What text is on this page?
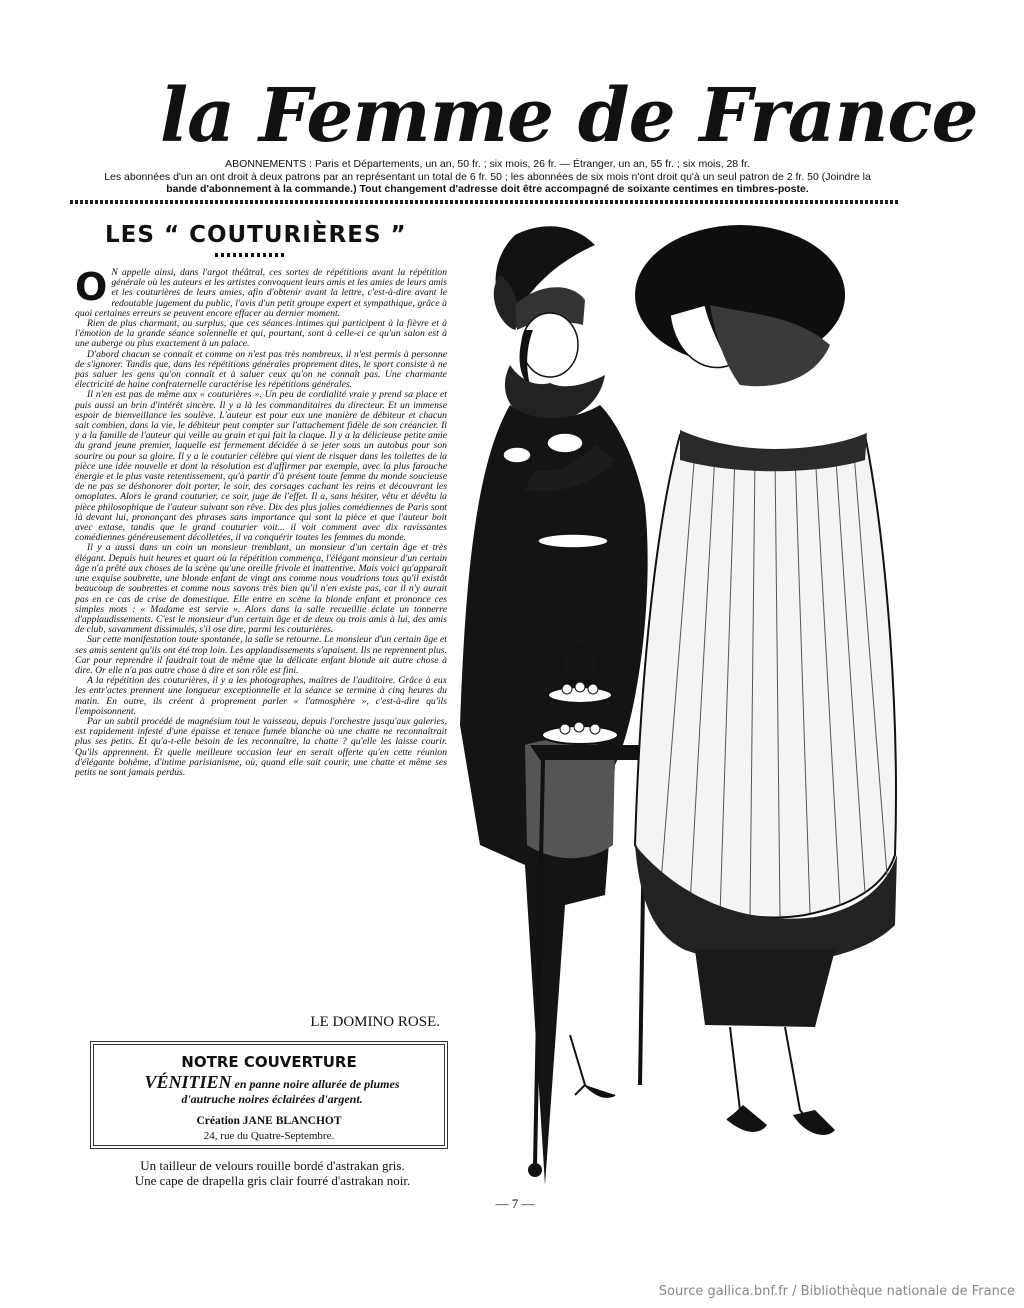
la Femme de France

ABONNEMENTS : Paris et Départements, un an, 50 fr. ; six mois, 26 fr. — Étranger, un an, 55 fr. ; six mois, 28 fr.

Les abonnées d'un an ont droit à deux patrons par an représentant un total de 6 fr. 50 ; les abonnées de six mois n'ont droit qu'à un seul patron de 2 fr. 50 (Joindre la

bande d'abonnement à la commande.) Tout changement d'adresse doit être accompagné de soixante centimes en timbres-poste.

LES “ COUTURIÈRES ”

O N appelle ainsi, dans l'argot théâtral, ces sortes de répétitions avant la répétition générale où les auteurs et les artistes convoquent leurs amis et les amies de leurs amis et les couturières de leurs amies, afin d'obtenir avant la lettre, c'est-à-dire avant le redoutable jugement du public, l'avis d'un petit groupe expert et sympathique, grâce à quoi certaines erreurs se peuvent encore effacer au dernier moment.

Rien de plus charmant, au surplus, que ces séances intimes qui participent à la fièvre et à l'émotion de la grande séance solennelle et qui, pourtant, sont à celle-ci ce qu'un salon est à une auberge ou plus exactement à un palace.

D'abord chacun se connaît et comme on n'est pas très nombreux, il n'est permis à personne de s'ignorer. Tandis que, dans les répétitions générales proprement dites, le sport consiste à ne pas saluer les gens qu'on connaît et à saluer ceux qu'on ne connaît pas. Une charmante électricité de haine confraternelle caractérise les répétitions générales.

Il n'en est pas de même aux « couturières ». Un peu de cordialité vraie y prend sa place et puis aussi un brin d'intérêt sincère. Il y a là les commanditaires du directeur. Et un immense espoir de bienveillance les soulève. L'auteur est pour eux une manière de débiteur et chacun sait combien, dans la vie, le débiteur peut compter sur l'attachement fidèle de son créancier. Il y a la famille de l'auteur qui veille au grain et qui fait la claque. Il y a la délicieuse petite amie du grand jeune premier, laquelle est fermement décidée à se jeter sous un autobus pour son sourire ou pour sa gloire. Il y a le couturier célèbre qui vient de risquer dans les toilettes de la pièce une idée nouvelle et dont la résolution est d'affirmer par exemple, avec la plus farouche énergie et le plus vaste retentissement, qu'à partir d'à présent toute femme du monde soucieuse de ne pas se déshonorer doit porter, le soir, des corsages cachant les reins et découvrant les omoplates. Alors le grand couturier, ce soir, juge de l'effet. Il a, sans hésiter, vêtu et dévêtu la pièce philosophique de l'auteur suivant son rêve. Dix des plus jolies comédiennes de Paris sont là devant lui, prononçant des phrases sans importance qui sont la pièce et que l'auteur boit avec extase, tandis que le grand couturier voit... il voit comment avec dix ravissantes comédiennes généreusement décolletées, il va conquérir toutes les femmes du monde.

Il y a aussi dans un coin un monsieur tremblant, un monsieur d'un certain âge et très élégant. Depuis huit heures et quart où la répétition commença, l'élégant monsieur d'un certain âge n'a prêté aux choses de la scène qu'une oreille frivole et inattentive. Mais voici qu'apparaît une exquise soubrette, une blonde enfant de vingt ans comme nous voudrions tous qu'il existât beaucoup de soubrettes et comme nous savons très bien qu'il n'en existe pas, car il n'y aurait pas en ce cas de crise de domestique. Elle entre en scène la blonde enfant et prononce ces simples mots : « Madame est servie ». Alors dans la salle recueillie éclate un tonnerre d'applaudissements. C'est le monsieur d'un certain âge et de deux ou trois amis à lui, des amis de club, savamment dissimulés, s'il ose dire, parmi les couturières.

Sur cette manifestation toute spontanée, la salle se retourne. Le monsieur d'un certain âge et ses amis sentent qu'ils ont été trop loin. Les applaudissements s'apaisent. Ils ne reprennent plus. Car pour reprendre il faudrait tout de même que la délicate enfant blonde ait autre chose à dire. Or elle n'a pas autre chose à dire et son rôle est fini.

A la répétition des couturières, il y a les photographes, maîtres de l'auditoire. Grâce à eux les entr'actes prennent une longueur exceptionnelle et la séance se termine à cinq heures du matin. En outre, ils créent à proprement parler « l'atmosphère », c'est-à-dire qu'ils l'empoisonnent.

Par un subtil procédé de magnésium tout le vaisseau, depuis l'orchestre jusqu'aux galeries, est rapidement infesté d'une épaisse et tenace fumée blanche où une chatte ne reconnaîtrait plus ses petits. Et qu'a-t-elle besoin de les reconnaître, la chatte ? qu'elle les laisse courir. Qu'ils apprennent. Et quelle meilleure occasion leur en serait offerte qu'en cette réunion d'élégante bohême, d'intime parisianisme, où, quand elle sait courir, une chatte et même ses petits ne sont jamais perdus.

LE DOMINO ROSE.
NOTRE COUVERTURE
VÉNITIEN en panne noire allurée de plumes
d'autruche noires éclairées d'argent.
Création JANE BLANCHOT
24, rue du Quatre-Septembre.
Un tailleur de velours rouille bordé d'astrakan gris.
Une cape de drapella gris clair fourré d'astrakan noir.
— 7 —
Source gallica.bnf.fr / Bibliothèque nationale de France
